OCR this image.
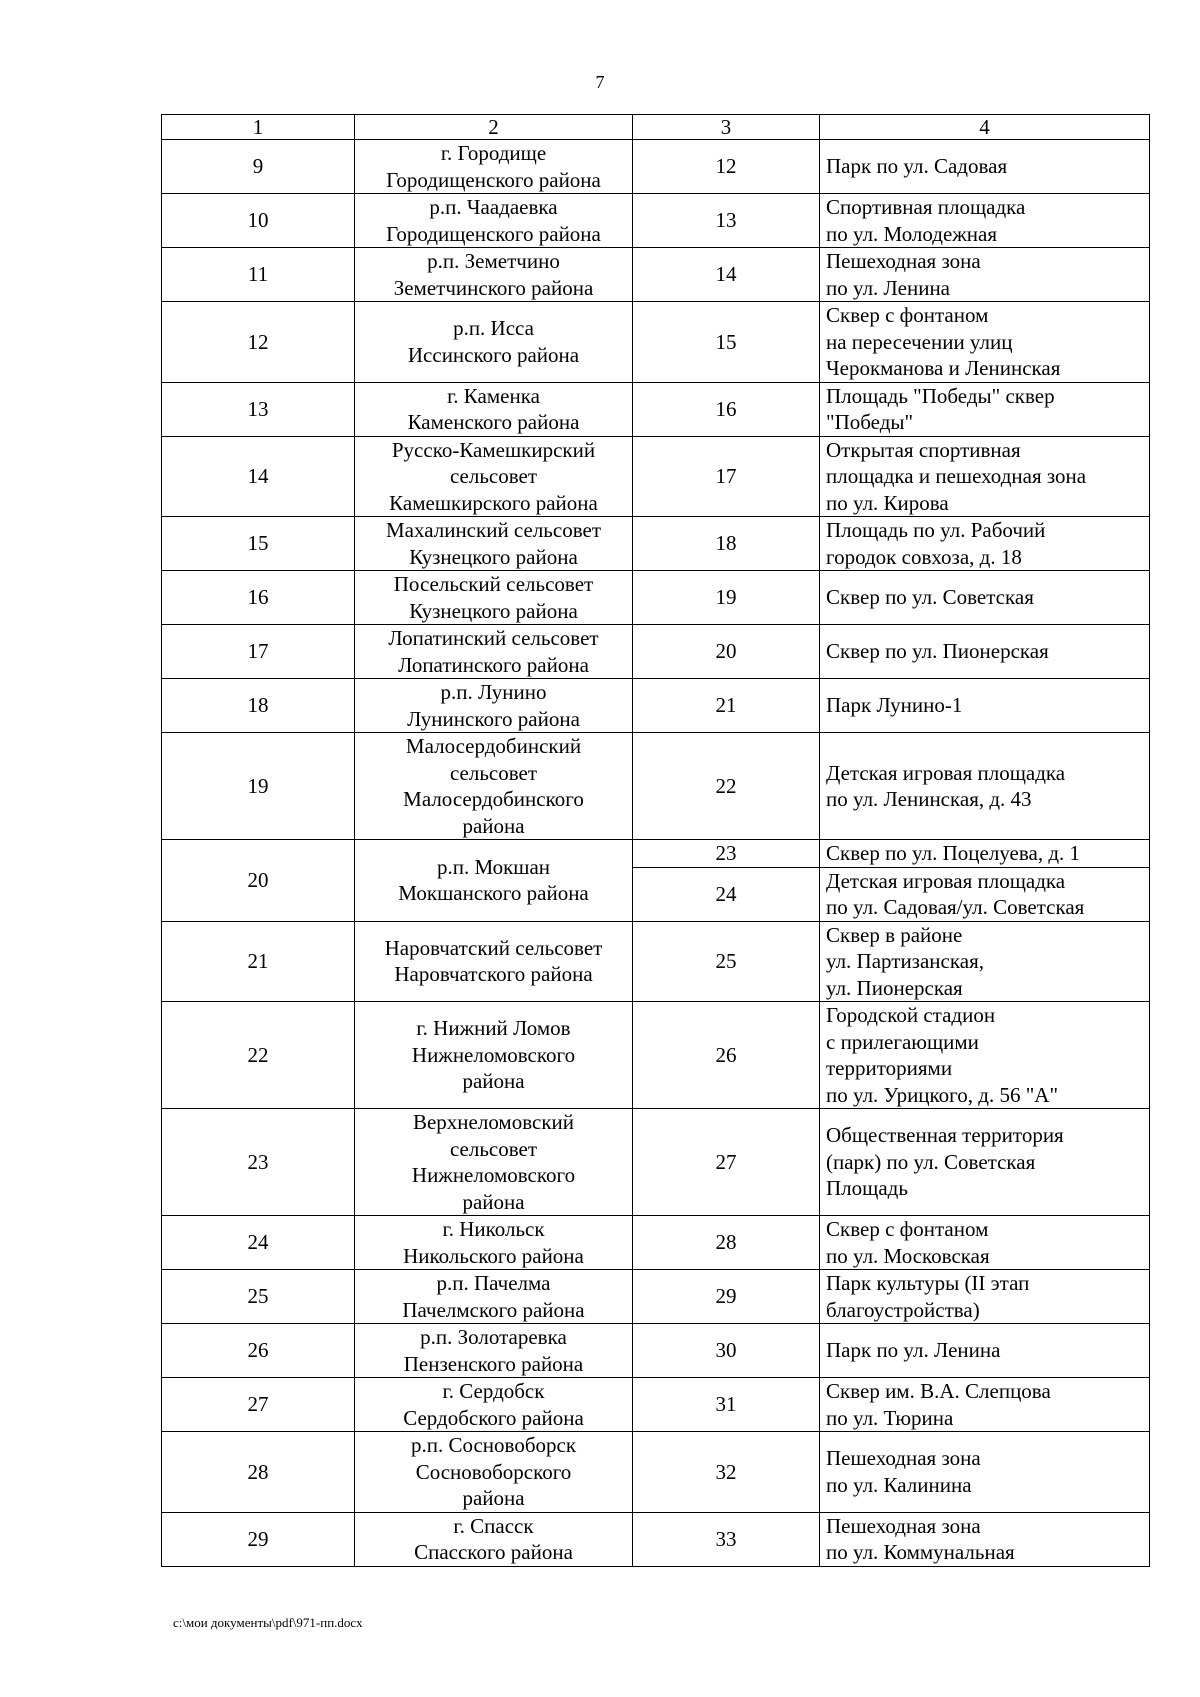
7
1	2	3	4
9	г. Городище
Городищенского района	12	Парк по ул. Садовая
10	р.п. Чаадаевка
Городищенского района	13	Спортивная площадка
по ул. Молодежная
11	р.п. Земетчино
Земетчинского района	14	Пешеходная зона
по ул. Ленина
12	р.п. Исса
Иссинского района	15	Сквер с фонтаном
на пересечении улиц
Черокманова и Ленинская
13	г. Каменка
Каменского района	16	Площадь "Победы" сквер
"Победы"
14	Русско-Камешкирский
сельсовет
Камешкирского района	17	Открытая спортивная
площадка и пешеходная зона
по ул. Кирова
15	Махалинский сельсовет
Кузнецкого района	18	Площадь по ул. Рабочий
городок совхоза, д. 18
16	Посельский сельсовет
Кузнецкого района	19	Сквер по ул. Советская
17	Лопатинский сельсовет
Лопатинского района	20	Сквер по ул. Пионерская
18	р.п. Лунино
Лунинского района	21	Парк Лунино-1
19	Малосердобинский
сельсовет
Малосердобинского
района	22	Детская игровая площадка
по ул. Ленинская, д. 43
20	р.п. Мокшан
Мокшанского района	23	Сквер по ул. Поцелуева, д. 1
		24	Детская игровая площадка
по ул. Садовая/ул. Советская
21	Наровчатский сельсовет
Наровчатского района	25	Сквер в районе
ул. Партизанская,
ул. Пионерская
22	г. Нижний Ломов
Нижнеломовского
района	26	Городской стадион
с прилегающими
территориями
по ул. Урицкого, д. 56 "А"
23	Верхнеломовский
сельсовет
Нижнеломовского
района	27	Общественная территория
(парк) по ул. Советская
Площадь
24	г. Никольск
Никольского района	28	Сквер с фонтаном
по ул. Московская
25	р.п. Пачелма
Пачелмского района	29	Парк культуры (II этап
благоустройства)
26	р.п. Золотаревка
Пензенского района	30	Парк по ул. Ленина
27	г. Сердобск
Сердобского района	31	Сквер им. В.А. Слепцова
по ул. Тюрина
28	р.п. Сосновоборск
Сосновоборского
района	32	Пешеходная зона
по ул. Калинина
29	г. Спасск
Спасского района	33	Пешеходная зона
по ул. Коммунальная
c:\мои документы\pdf\971-пп.docx
